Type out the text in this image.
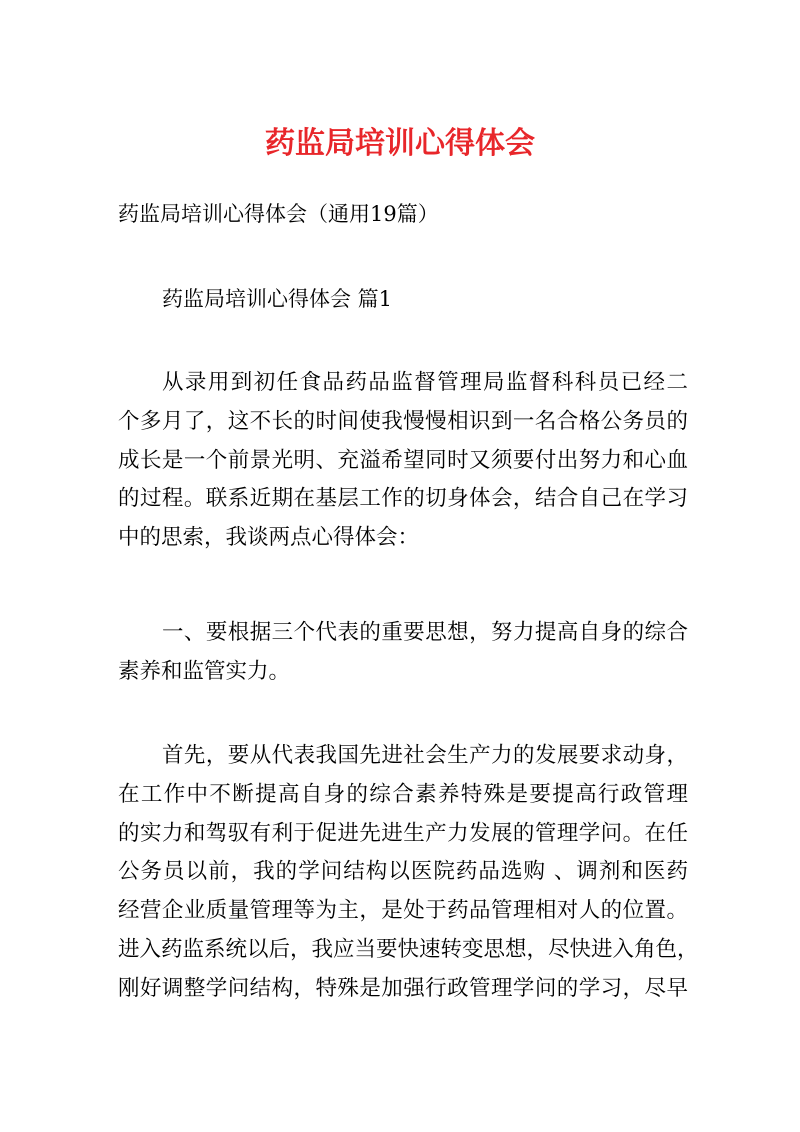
药监局培训心得体会
药监局培训心得体会（通用19篇）
药监局培训心得体会 篇1
从录用到初任食品药品监督管理局监督科科员已经二
个多月了，这不长的时间使我慢慢相识到一名合格公务员的
成长是一个前景光明、充溢希望同时又须要付出努力和心血
的过程。联系近期在基层工作的切身体会，结合自己在学习
中的思索，我谈两点心得体会：
一、要根据三个代表的重要思想，努力提高自身的综合
素养和监管实力。
首先，要从代表我国先进社会生产力的发展要求动身，
在工作中不断提高自身的综合素养特殊是要提高行政管理
的实力和驾驭有利于促进先进生产力发展的管理学问。在任
公务员以前，我的学问结构以医院药品选购 、调剂和医药
经营企业质量管理等为主，是处于药品管理相对人的位置。
进入药监系统以后，我应当要快速转变思想，尽快进入角色，
刚好调整学问结构，特殊是加强行政管理学问的学习，尽早
